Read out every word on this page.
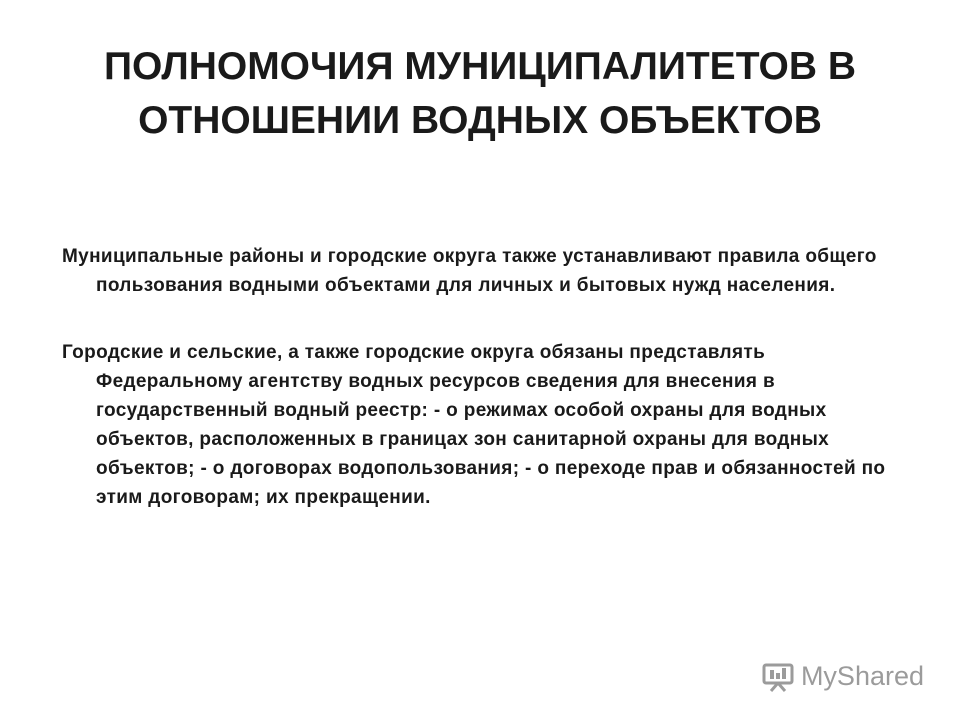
ПОЛНОМОЧИЯ МУНИЦИПАЛИТЕТОВ В
ОТНОШЕНИИ ВОДНЫХ ОБЪЕКТОВ

Муниципальные районы и городские округа также устанавливают правила общего пользования водными объектами для личных и бытовых нужд населения.

Городские и сельские, а также городские округа обязаны представлять Федеральному агентству водных ресурсов сведения для внесения в государственный водный реестр: - о режимах особой охраны для водных объектов, расположенных в границах зон санитарной охраны для водных объектов; - о договорах водопользования; - о переходе прав и обязанностей по этим договорам; их прекращении.

MyShared
